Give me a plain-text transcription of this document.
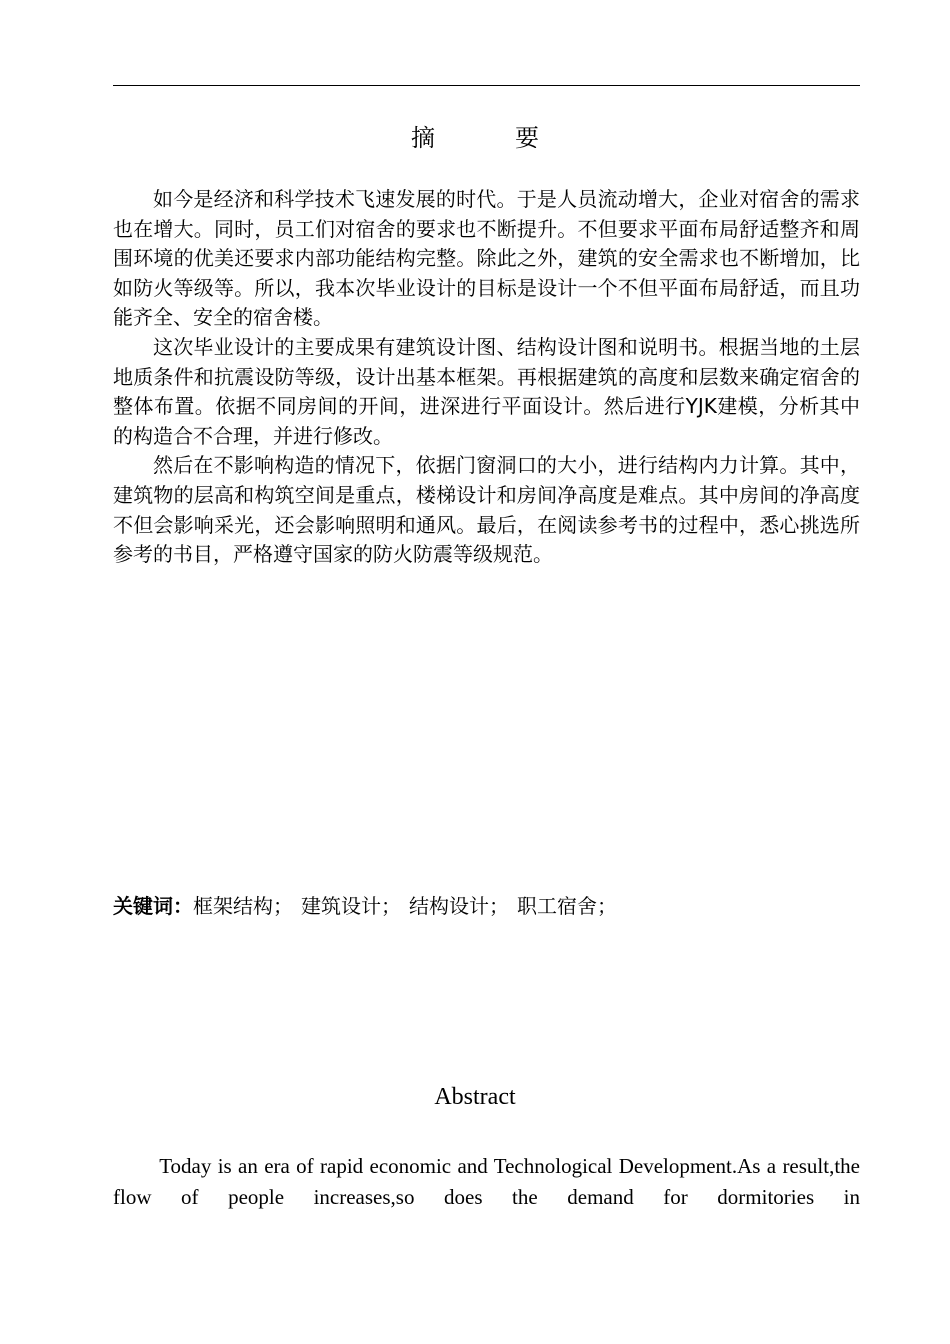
摘　要

如今是经济和科学技术飞速发展的时代。于是人员流动增大，企业对宿舍的需求也在增大。同时，员工们对宿舍的要求也不断提升。不但要求平面布局舒适整齐和周围环境的优美还要求内部功能结构完整。除此之外，建筑的安全需求也不断增加，比如防火等级等。所以，我本次毕业设计的目标是设计一个不但平面布局舒适，而且功能齐全、安全的宿舍楼。

这次毕业设计的主要成果有建筑设计图、结构设计图和说明书。根据当地的土层地质条件和抗震设防等级，设计出基本框架。再根据建筑的高度和层数来确定宿舍的整体布置。依据不同房间的开间，进深进行平面设计。然后进行YJK建模，分析其中的构造合不合理，并进行修改。

然后在不影响构造的情况下，依据门窗洞口的大小，进行结构内力计算。其中，建筑物的层高和构筑空间是重点，楼梯设计和房间净高度是难点。其中房间的净高度不但会影响采光，还会影响照明和通风。最后，在阅读参考书的过程中，悉心挑选所参考的书目，严格遵守国家的防火防震等级规范。

关键词：框架结构； 建筑设计； 结构设计； 职工宿舍；
Abstract
Today is an era of rapid economic and Technological Development.As a result,the flow of people increases,so does the demand for dormitories in
